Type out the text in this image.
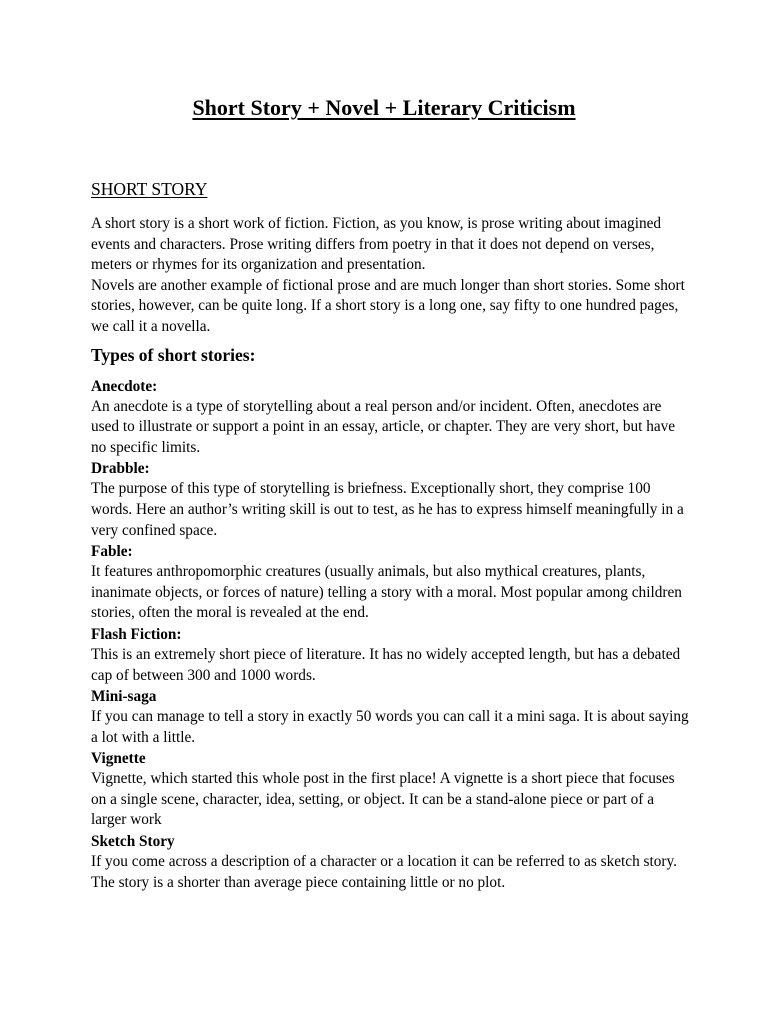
Short Story + Novel + Literary Criticism
SHORT STORY

A short story is a short work of fiction. Fiction, as you know, is prose writing about imagined events and characters. Prose writing differs from poetry in that it does not depend on verses, meters or rhymes for its organization and presentation.

Novels are another example of fictional prose and are much longer than short stories. Some short stories, however, can be quite long. If a short story is a long one, say fifty to one hundred pages, we call it a novella.

Types of short stories:

Anecdote:

An anecdote is a type of storytelling about a real person and/or incident. Often, anecdotes are used to illustrate or support a point in an essay, article, or chapter. They are very short, but have no specific limits.

Drabble:

The purpose of this type of storytelling is briefness. Exceptionally short, they comprise 100 words. Here an author’s writing skill is out to test, as he has to express himself meaningfully in a very confined space.

Fable:

It features anthropomorphic creatures (usually animals, but also mythical creatures, plants, inanimate objects, or forces of nature) telling a story with a moral. Most popular among children stories, often the moral is revealed at the end.

Flash Fiction:

This is an extremely short piece of literature. It has no widely accepted length, but has a debated cap of between 300 and 1000 words.

Mini-saga

If you can manage to tell a story in exactly 50 words you can call it a mini saga. It is about saying a lot with a little.

Vignette

Vignette, which started this whole post in the first place! A vignette is a short piece that focuses on a single scene, character, idea, setting, or object. It can be a stand-alone piece or part of a larger work

Sketch Story

If you come across a description of a character or a location it can be referred to as sketch story. The story is a shorter than average piece containing little or no plot.
